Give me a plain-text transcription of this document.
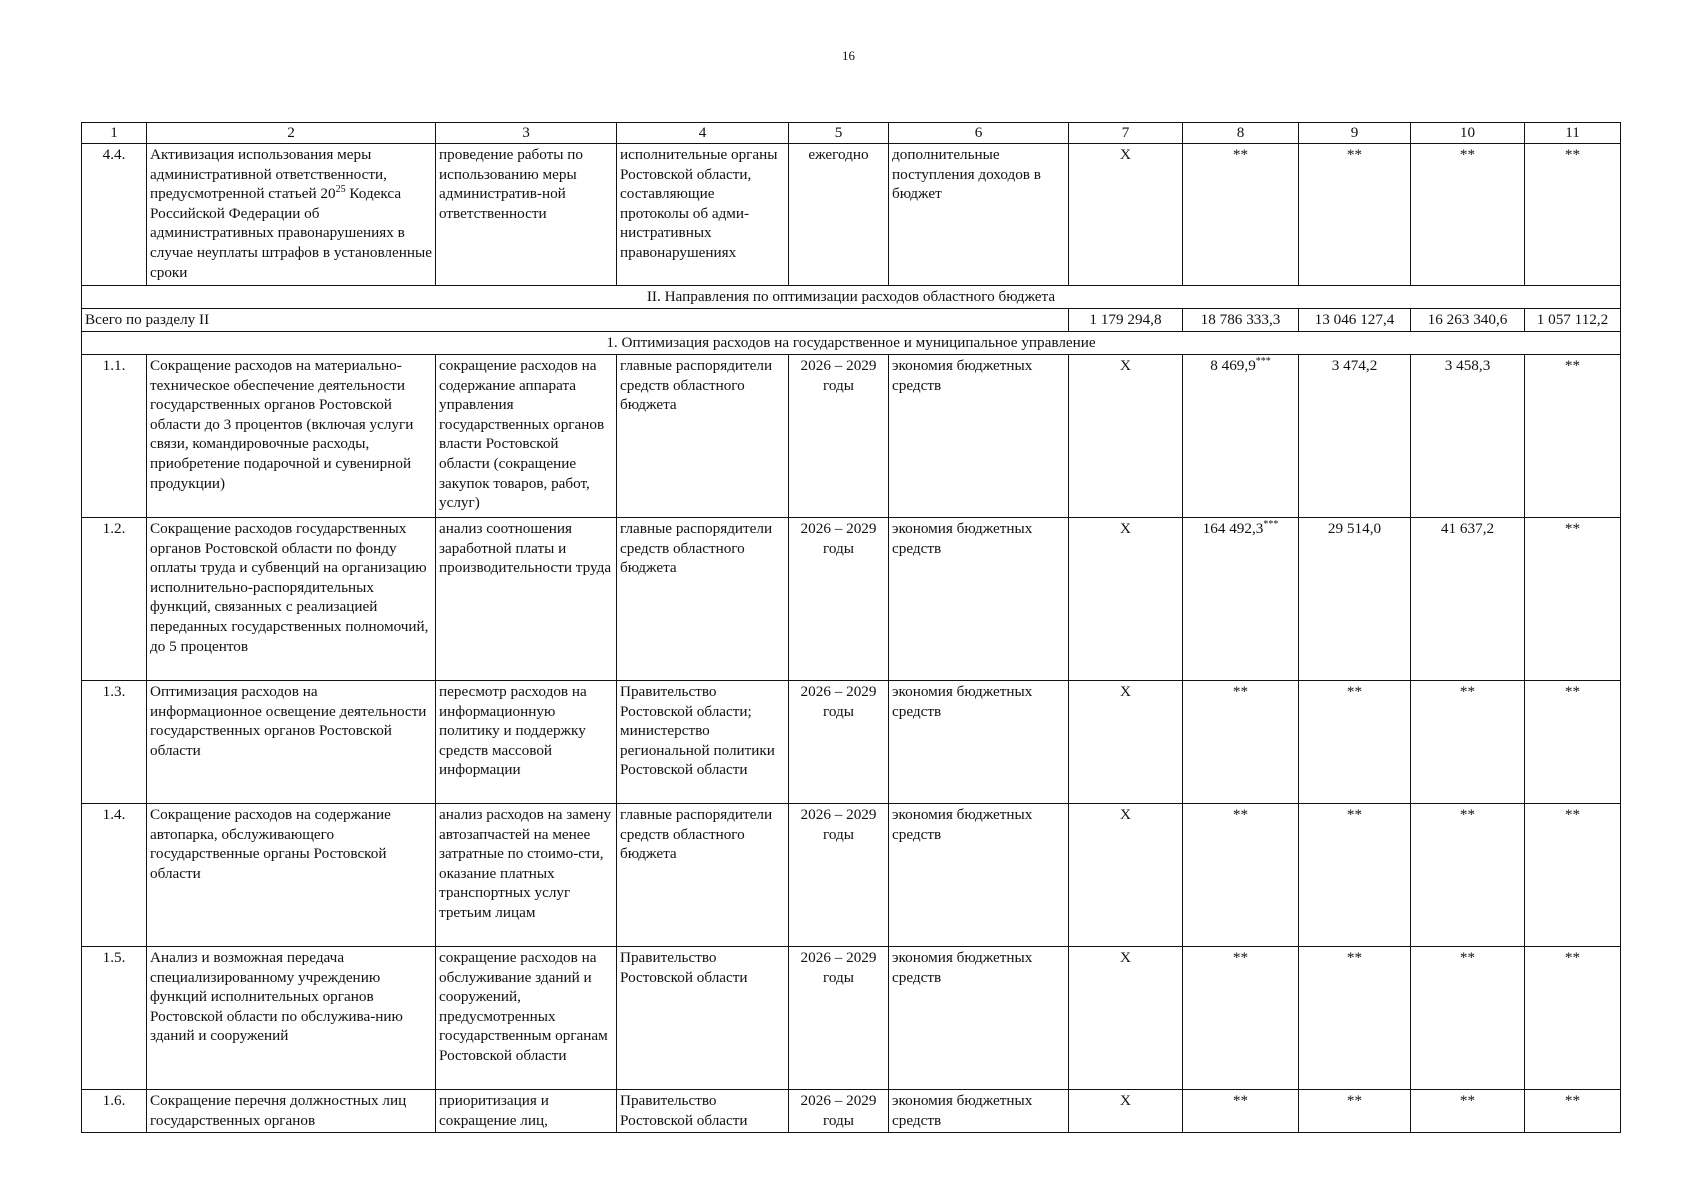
16
1	2	3	4	5	6	7	8	9	10	11
4.4.	Активизация использования меры административной ответственности, предусмотренной статьей $20^{25}$ Кодекса Российской Федерации об административных правонарушениях в случае неуплаты штрафов в установленные сроки	проведение работы по использованию меры административ-ной ответственности	исполнительные органы Ростовской области, составляющие протоколы об адми-нистративных правонарушениях	ежегодно	дополнительные поступления доходов в бюджет	X	**	**	**	**
II. Направления по оптимизации расходов областного бюджета										
Всего по разделу II						1 179 294,8	18 786 333,3	13 046 127,4	16 263 340,6	1 057 112,2
1. Оптимизация расходов на государственное и муниципальное управление										
1.1.	Сокращение расходов на материально-техническое обеспечение деятельности государственных органов Ростовской области до 3 процентов (включая услуги связи, командировочные расходы, приобретение подарочной и сувенирной продукции)	сокращение расходов на содержание аппарата управления государственных органов власти Ростовской области (сокращение закупок товаров, работ, услуг)	главные распорядители средств областного бюджета	2026 – 2029 годы	экономия бюджетных средств	X	8 469,9***	3 474,2	3 458,3	**
1.2.	Сокращение расходов государственных органов Ростовской области по фонду оплаты труда и субвенций на организацию исполнительно-распорядительных функций, связанных с реализацией переданных государственных полномочий, до 5 процентов	анализ соотношения заработной платы и производительности труда	главные распорядители средств областного бюджета	2026 – 2029 годы	экономия бюджетных средств	X	164 492,3***	29 514,0	41 637,2	**
1.3.	Оптимизация расходов на информационное освещение деятельности государственных органов Ростовской области	пересмотр расходов на информационную политику и поддержку средств массовой информации	Правительство Ростовской области; министерство региональной политики Ростовской области	2026 – 2029 годы	экономия бюджетных средств	X	**	**	**	**
1.4.	Сокращение расходов на содержание автопарка, обслуживающего государственные органы Ростовской области	анализ расходов на замену автозапчастей на менее затратные по стоимо-сти, оказание платных транспортных услуг третьим лицам	главные распорядители средств областного бюджета	2026 – 2029 годы	экономия бюджетных средств	X	**	**	**	**
1.5.	Анализ и возможная передача специализированному учреждению функций исполнительных органов Ростовской области по обслужива-нию зданий и сооружений	сокращение расходов на обслуживание зданий и сооружений, предусмотренных государственным органам Ростовской области	Правительство Ростовской области	2026 – 2029 годы	экономия бюджетных средств	X	**	**	**	**
1.6.	Сокращение перечня должностных лиц государственных органов	приоритизация и сокращение лиц,	Правительство Ростовской области	2026 – 2029 годы	экономия бюджетных средств	X	**	**	**	**
